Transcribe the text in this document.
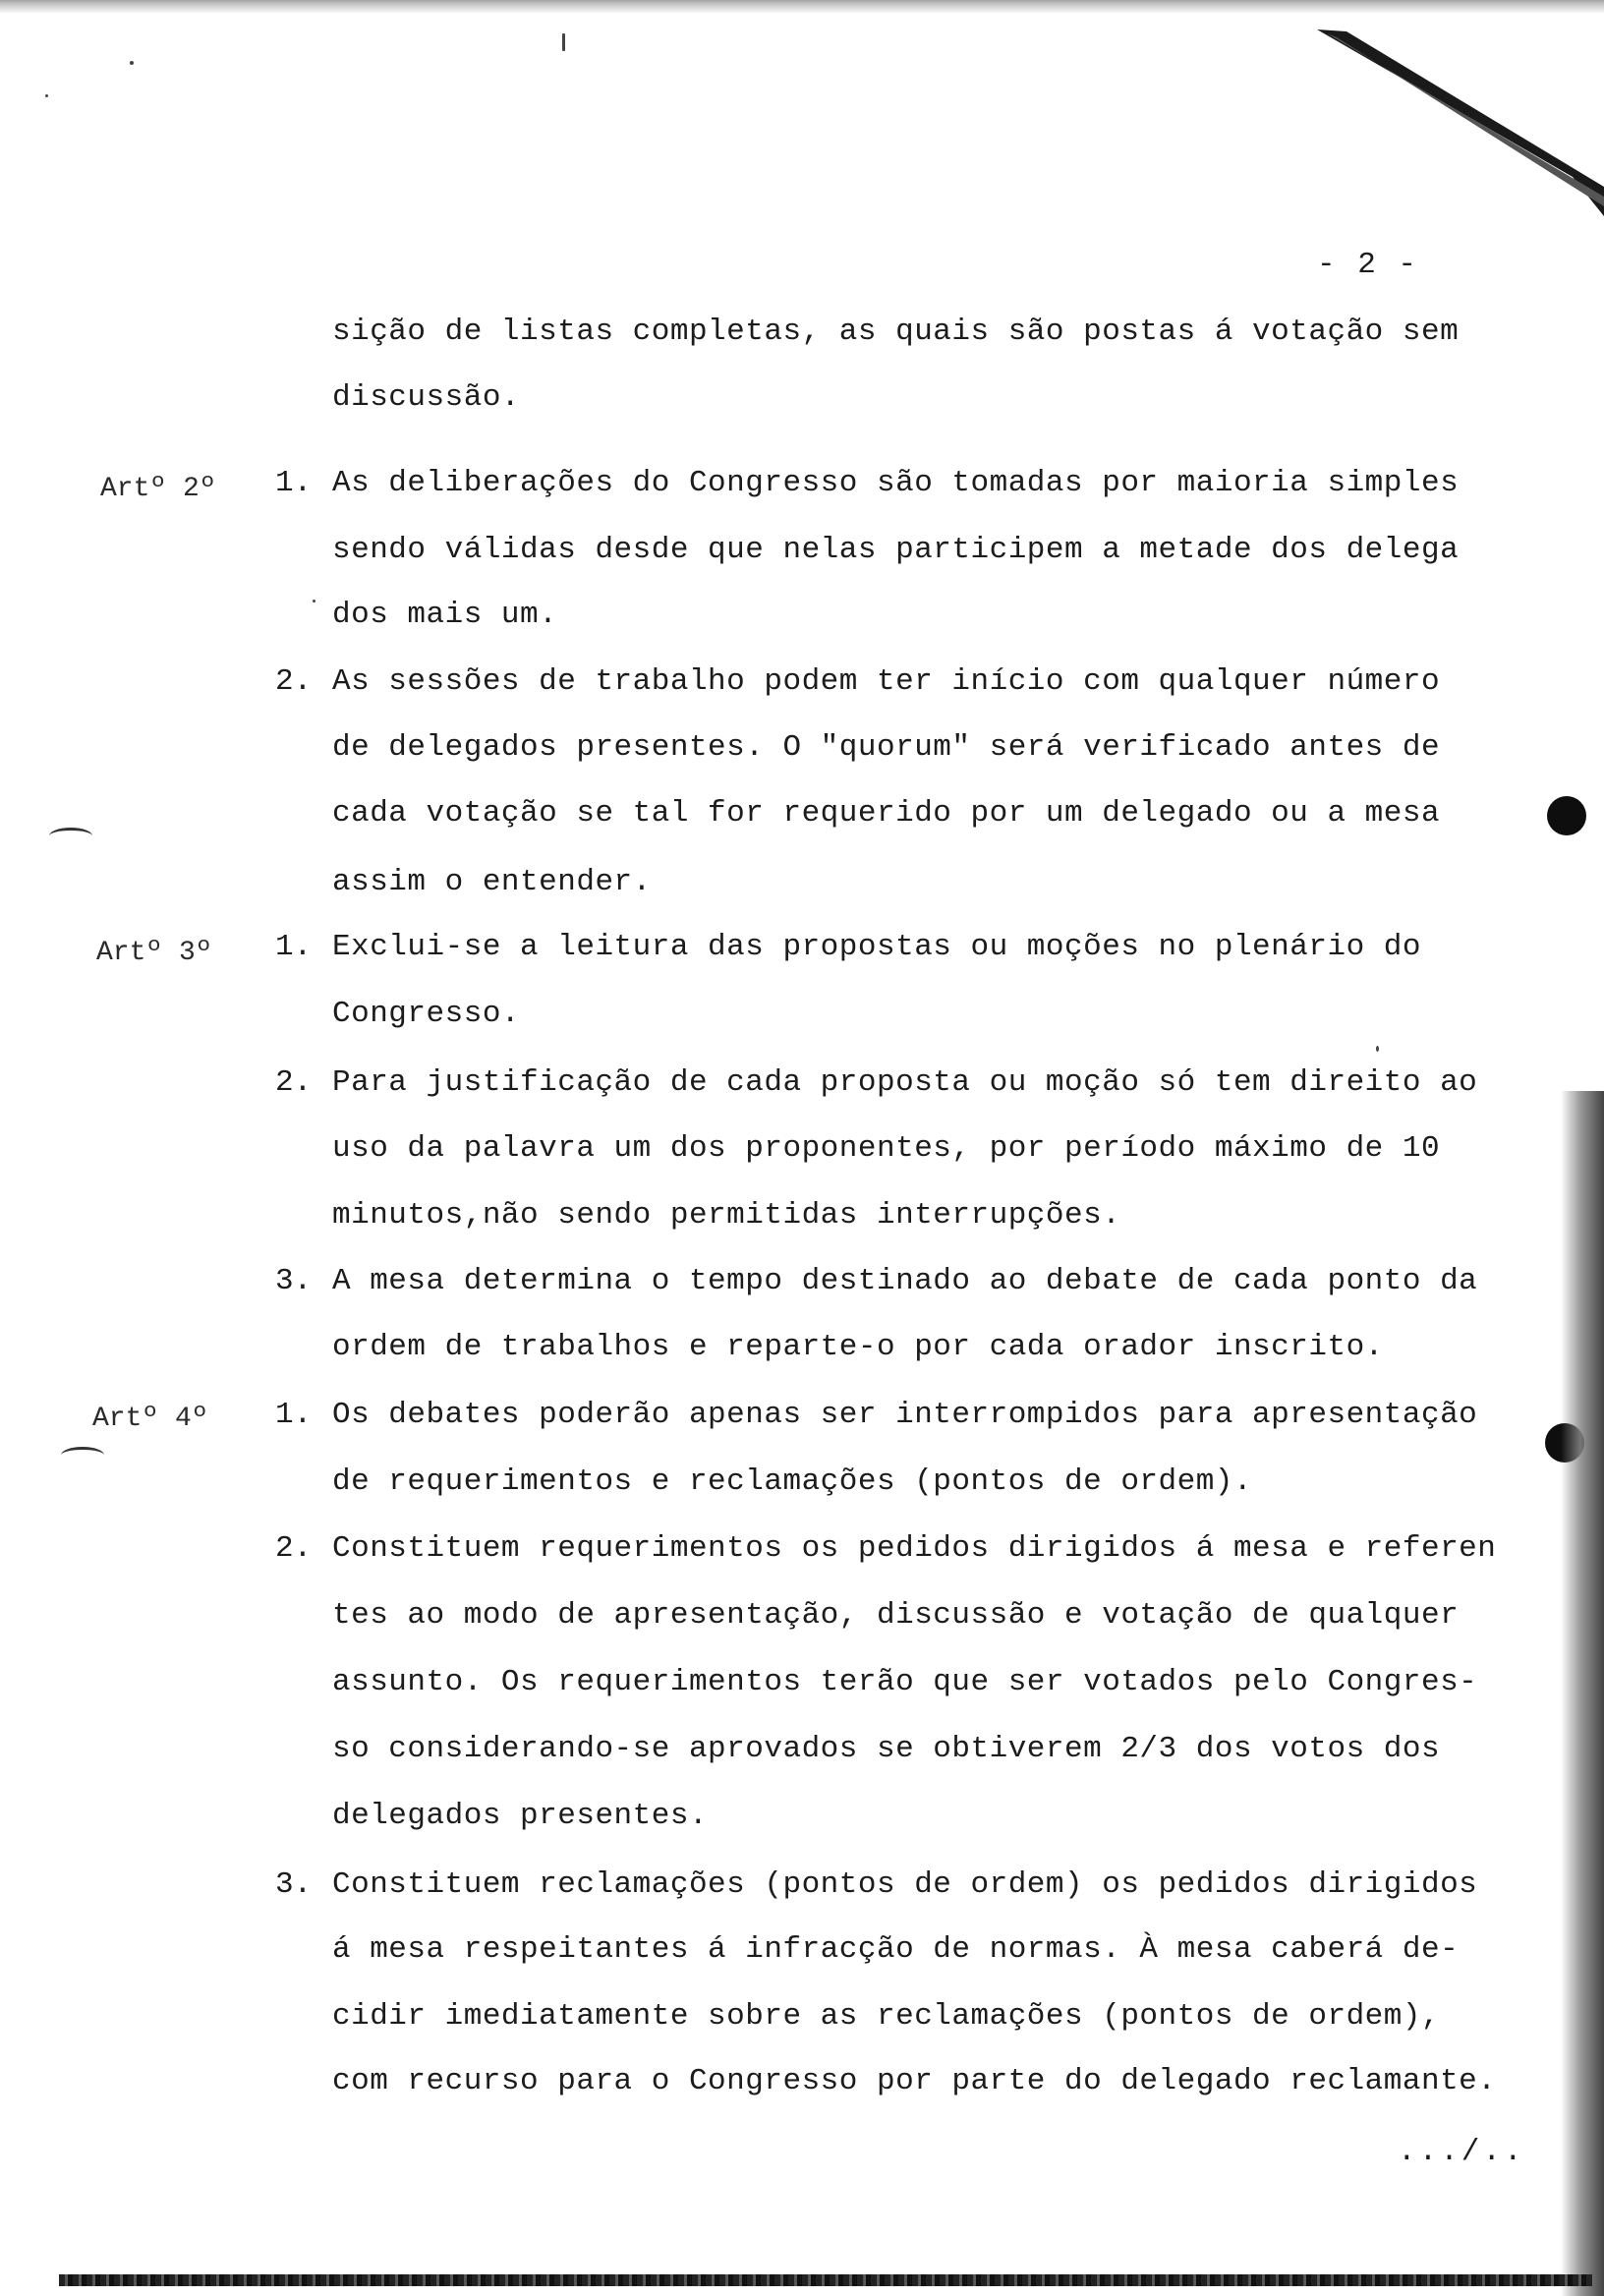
- 2 -
sição de listas completas, as quais são postas á votação sem
discussão.
Artº 2º 1. As deliberações do Congresso são tomadas por maioria simples
sendo válidas desde que nelas participem a metade dos delega
dos mais um.
2. As sessões de trabalho podem ter início com qualquer número
de delegados presentes. O "quorum" será verificado antes de
cada votação se tal for requerido por um delegado ou a mesa
assim o entender.
Artº 3º 1. Exclui-se a leitura das propostas ou moções no plenário do
Congresso.
2. Para justificação de cada proposta ou moção só tem direito ao
uso da palavra um dos proponentes, por período máximo de 10
minutos,não sendo permitidas interrupções.
3. A mesa determina o tempo destinado ao debate de cada ponto da
ordem de trabalhos e reparte-o por cada orador inscrito.
Artº 4º 1. Os debates poderão apenas ser interrompidos para apresentação
de requerimentos e reclamações (pontos de ordem).
2. Constituem requerimentos os pedidos dirigidos á mesa e referen
tes ao modo de apresentação, discussão e votação de qualquer
assunto. Os requerimentos terão que ser votados pelo Congres-
so considerando-se aprovados se obtiverem 2/3 dos votos dos
delegados presentes.
3. Constituem reclamações (pontos de ordem) os pedidos dirigidos
á mesa respeitantes á infracção de normas. À mesa caberá de-
cidir imediatamente sobre as reclamações (pontos de ordem),
com recurso para o Congresso por parte do delegado reclamante.
.../..
